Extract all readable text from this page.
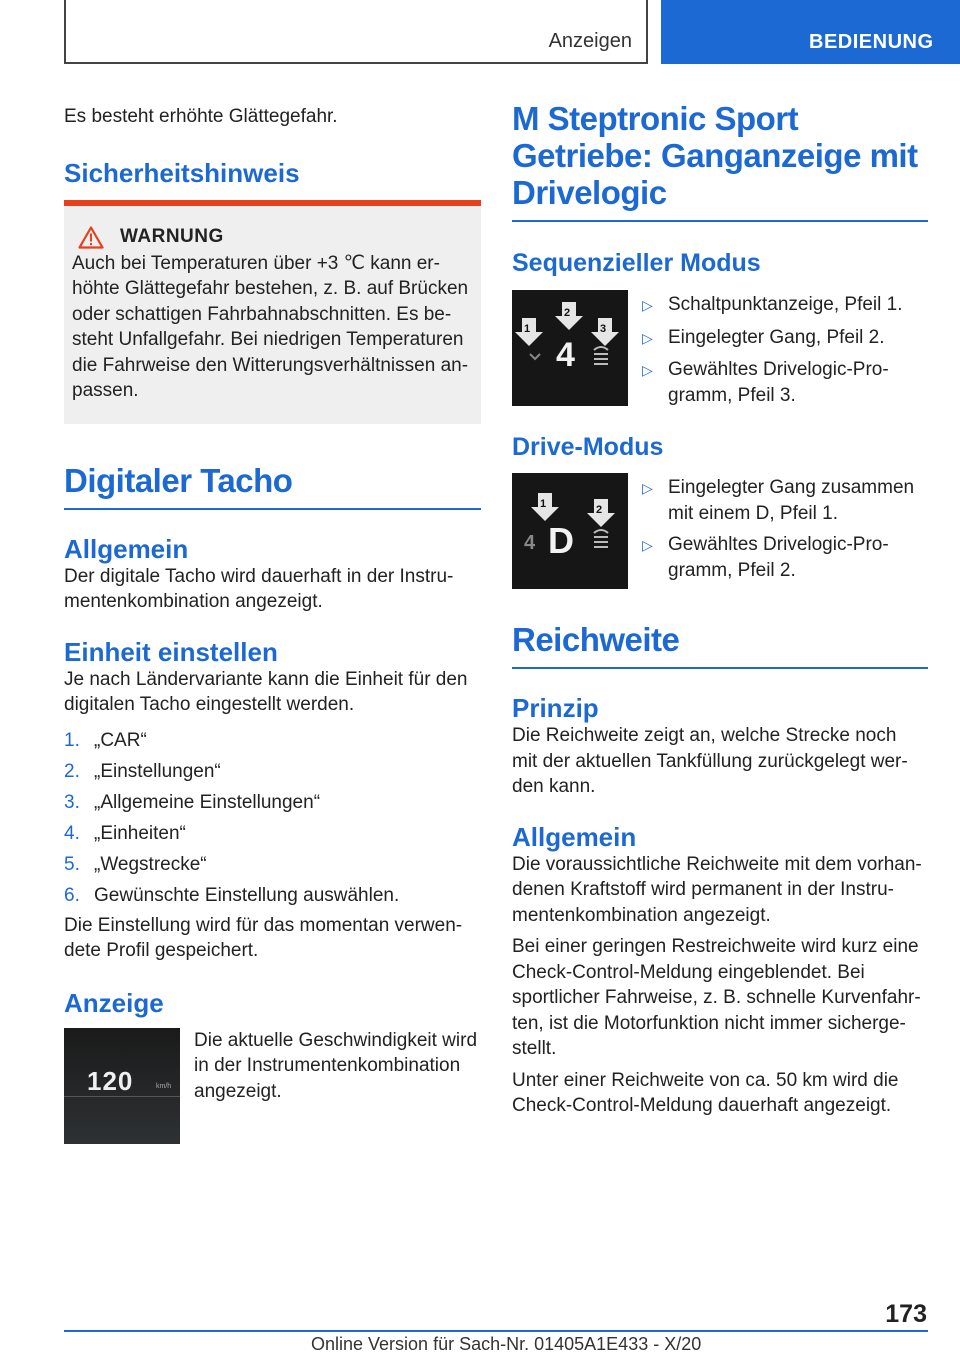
Anzeigen	BEDIENUNG

Es besteht erhöhte Glättegefahr.

Sicherheitshinweis
WARNUNG

Auch bei Temperaturen über +3 ℃ kann er‐

höhte Glättegefahr bestehen, z. B. auf Brücken

oder schattigen Fahrbahnabschnitten. Es be‐

steht Unfallgefahr. Bei niedrigen Temperaturen

die Fahrweise den Witterungsverhältnissen an‐

passen.

Digitaler Tacho
Allgemein

Der digitale Tacho wird dauerhaft in der Instru‐

mentenkombination angezeigt.

Einheit einstellen

Je nach Ländervariante kann die Einheit für den

digitalen Tacho eingestellt werden.

1. „CAR“
2. „Einstellungen“
3. „Allgemeine Einstellungen“
4. „Einheiten“
5. „Wegstrecke“
6. Gewünschte Einstellung auswählen.

Die Einstellung wird für das momentan verwen‐

dete Profil gespeichert.

Anzeige
120	km/h

Die aktuelle Geschwindigkeit wird

in der Instrumentenkombination

angezeigt.

M Steptronic Sport
Getriebe: Ganganzeige mit
Drivelogic
Sequenzieller Modus
1
2
3
4
▷ Schaltpunktanzeige, Pfeil 1.
▷ Eingelegter Gang, Pfeil 2.
▷ Gewähltes Drivelogic-Pro‐
gramm, Pfeil 3.
Drive-Modus
1	2
4 D
▷ Eingelegter Gang zusammen
mit einem D, Pfeil 1.
▷ Gewähltes Drivelogic-Pro‐
gramm, Pfeil 2.
Reichweite
Prinzip

Die Reichweite zeigt an, welche Strecke noch

mit der aktuellen Tankfüllung zurückgelegt wer‐

den kann.

Allgemein

Die voraussichtliche Reichweite mit dem vorhan‐

denen Kraftstoff wird permanent in der Instru‐

mentenkombination angezeigt.

Bei einer geringen Restreichweite wird kurz eine

Check-Control-Meldung eingeblendet. Bei

sportlicher Fahrweise, z. B. schnelle Kurvenfahr‐

ten, ist die Motorfunktion nicht immer sicherge‐

stellt.

Unter einer Reichweite von ca. 50 km wird die

Check-Control-Meldung dauerhaft angezeigt.

173
Online Version für Sach-Nr. 01405A1E433 - X/20
